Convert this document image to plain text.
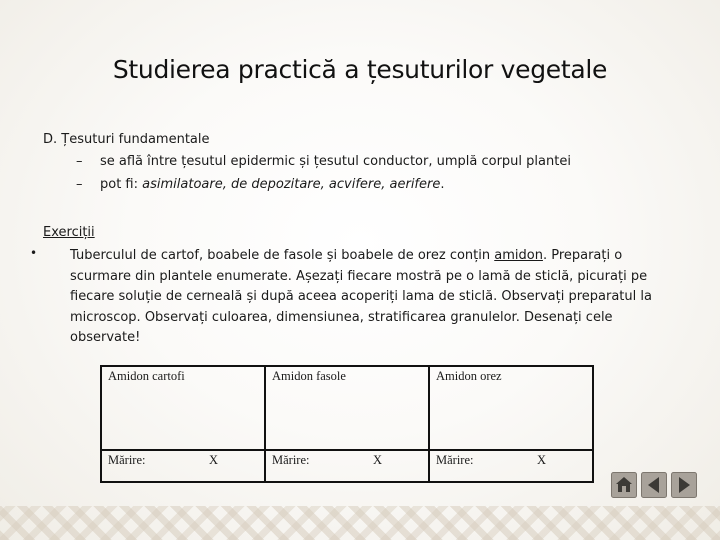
Studierea practică a țesuturilor vegetale
D. Țesuturi fundamentale
– se află între țesutul epidermic și țesutul conductor, umplă corpul plantei
– pot fi: asimilatoare, de depozitare, acvifere, aerifere.
Exerciții
•	Tuberculul de cartof, boabele de fasole și boabele de orez conțin amidon. Preparați o scurmare din plantele enumerate. Așezați fiecare mostră pe o lamă de sticlă, picurați pe fiecare soluție de cerneală și după aceea acoperiți lama de sticlă. Observați preparatul la microscop. Observați culoarea, dimensiunea, stratificarea granulelor. Desenați cele observate!
Amidon cartofi	Amidon fasole	Amidon orez

Mărire: X	Mărire: X	Mărire: X
